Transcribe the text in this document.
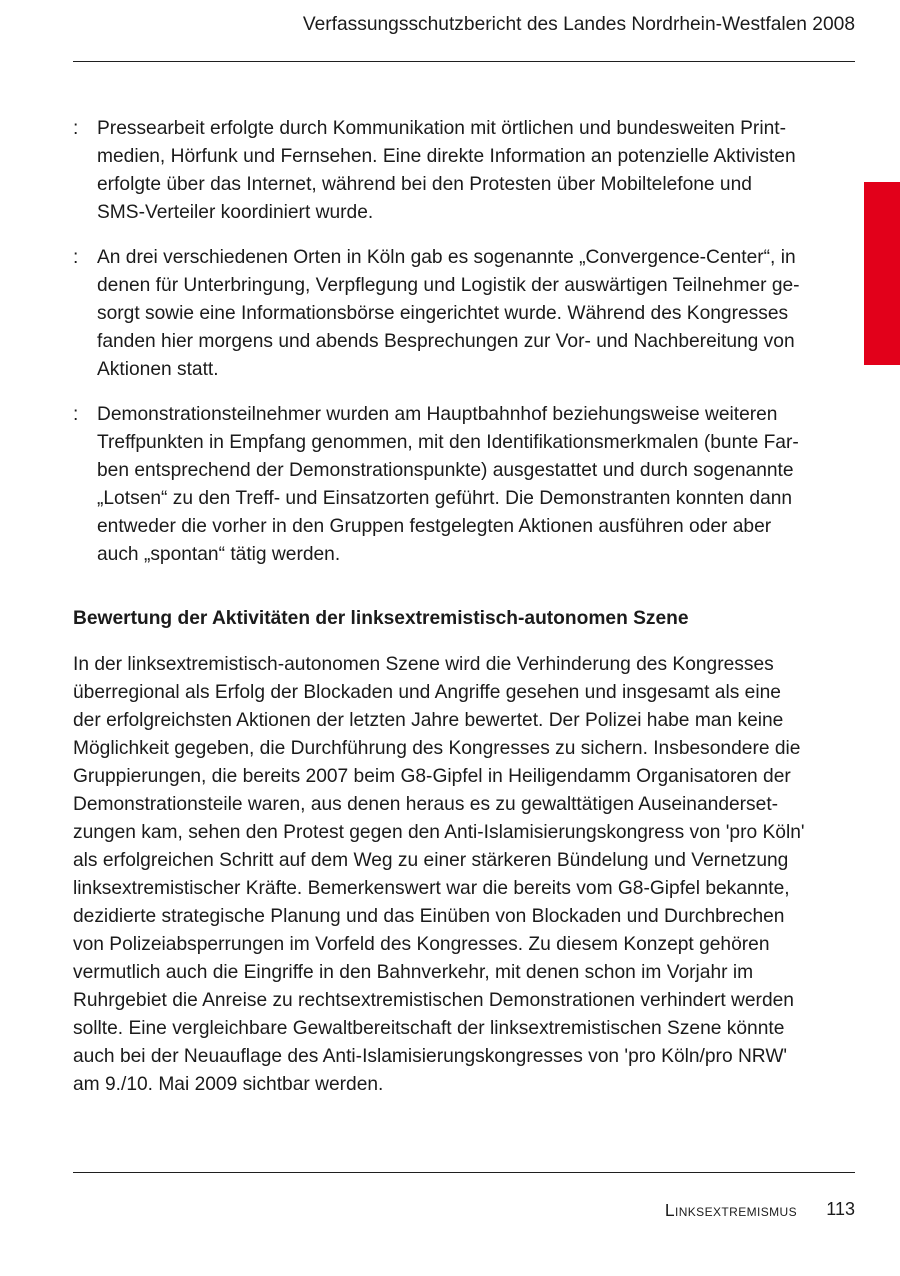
Verfassungsschutzbericht des Landes Nordrhein-Westfalen 2008
: Pressearbeit erfolgte durch Kommunikation mit örtlichen und bundesweiten Print-
medien, Hörfunk und Fernsehen. Eine direkte Information an potenzielle Aktivisten
erfolgte über das Internet, während bei den Protesten über Mobiltelefone und
SMS-Verteiler koordiniert wurde.
: An drei verschiedenen Orten in Köln gab es sogenannte „Convergence-Center“, in
denen für Unterbringung, Verpflegung und Logistik der auswärtigen Teilnehmer ge-
sorgt sowie eine Informationsbörse eingerichtet wurde. Während des Kongresses
fanden hier morgens und abends Besprechungen zur Vor- und Nachbereitung von
Aktionen statt.
: Demonstrationsteilnehmer wurden am Hauptbahnhof beziehungsweise weiteren
Treffpunkten in Empfang genommen, mit den Identifikationsmerkmalen (bunte Far-
ben entsprechend der Demonstrationspunkte) ausgestattet und durch sogenannte
„Lotsen“ zu den Treff- und Einsatzorten geführt. Die Demonstranten konnten dann
entweder die vorher in den Gruppen festgelegten Aktionen ausführen oder aber
auch „spontan“ tätig werden.
Bewertung der Aktivitäten der linksextremistisch-autonomen Szene
In der linksextremistisch-autonomen Szene wird die Verhinderung des Kongresses
überregional als Erfolg der Blockaden und Angriffe gesehen und insgesamt als eine
der erfolgreichsten Aktionen der letzten Jahre bewertet. Der Polizei habe man keine
Möglichkeit gegeben, die Durchführung des Kongresses zu sichern. Insbesondere die
Gruppierungen, die bereits 2007 beim G8-Gipfel in Heiligendamm Organisatoren der
Demonstrationsteile waren, aus denen heraus es zu gewalttätigen Auseinanderset-
zungen kam, sehen den Protest gegen den Anti-Islamisierungskongress von 'pro Köln'
als erfolgreichen Schritt auf dem Weg zu einer stärkeren Bündelung und Vernetzung
linksextremistischer Kräfte. Bemerkenswert war die bereits vom G8-Gipfel bekannte,
dezidierte strategische Planung und das Einüben von Blockaden und Durchbrechen
von Polizeiabsperrungen im Vorfeld des Kongresses. Zu diesem Konzept gehören
vermutlich auch die Eingriffe in den Bahnverkehr, mit denen schon im Vorjahr im
Ruhrgebiet die Anreise zu rechtsextremistischen Demonstrationen verhindert werden
sollte. Eine vergleichbare Gewaltbereitschaft der linksextremistischen Szene könnte
auch bei der Neuauflage des Anti-Islamisierungskongresses von 'pro Köln/pro NRW'
am 9./10. Mai 2009 sichtbar werden.
Linksextremismus 113
